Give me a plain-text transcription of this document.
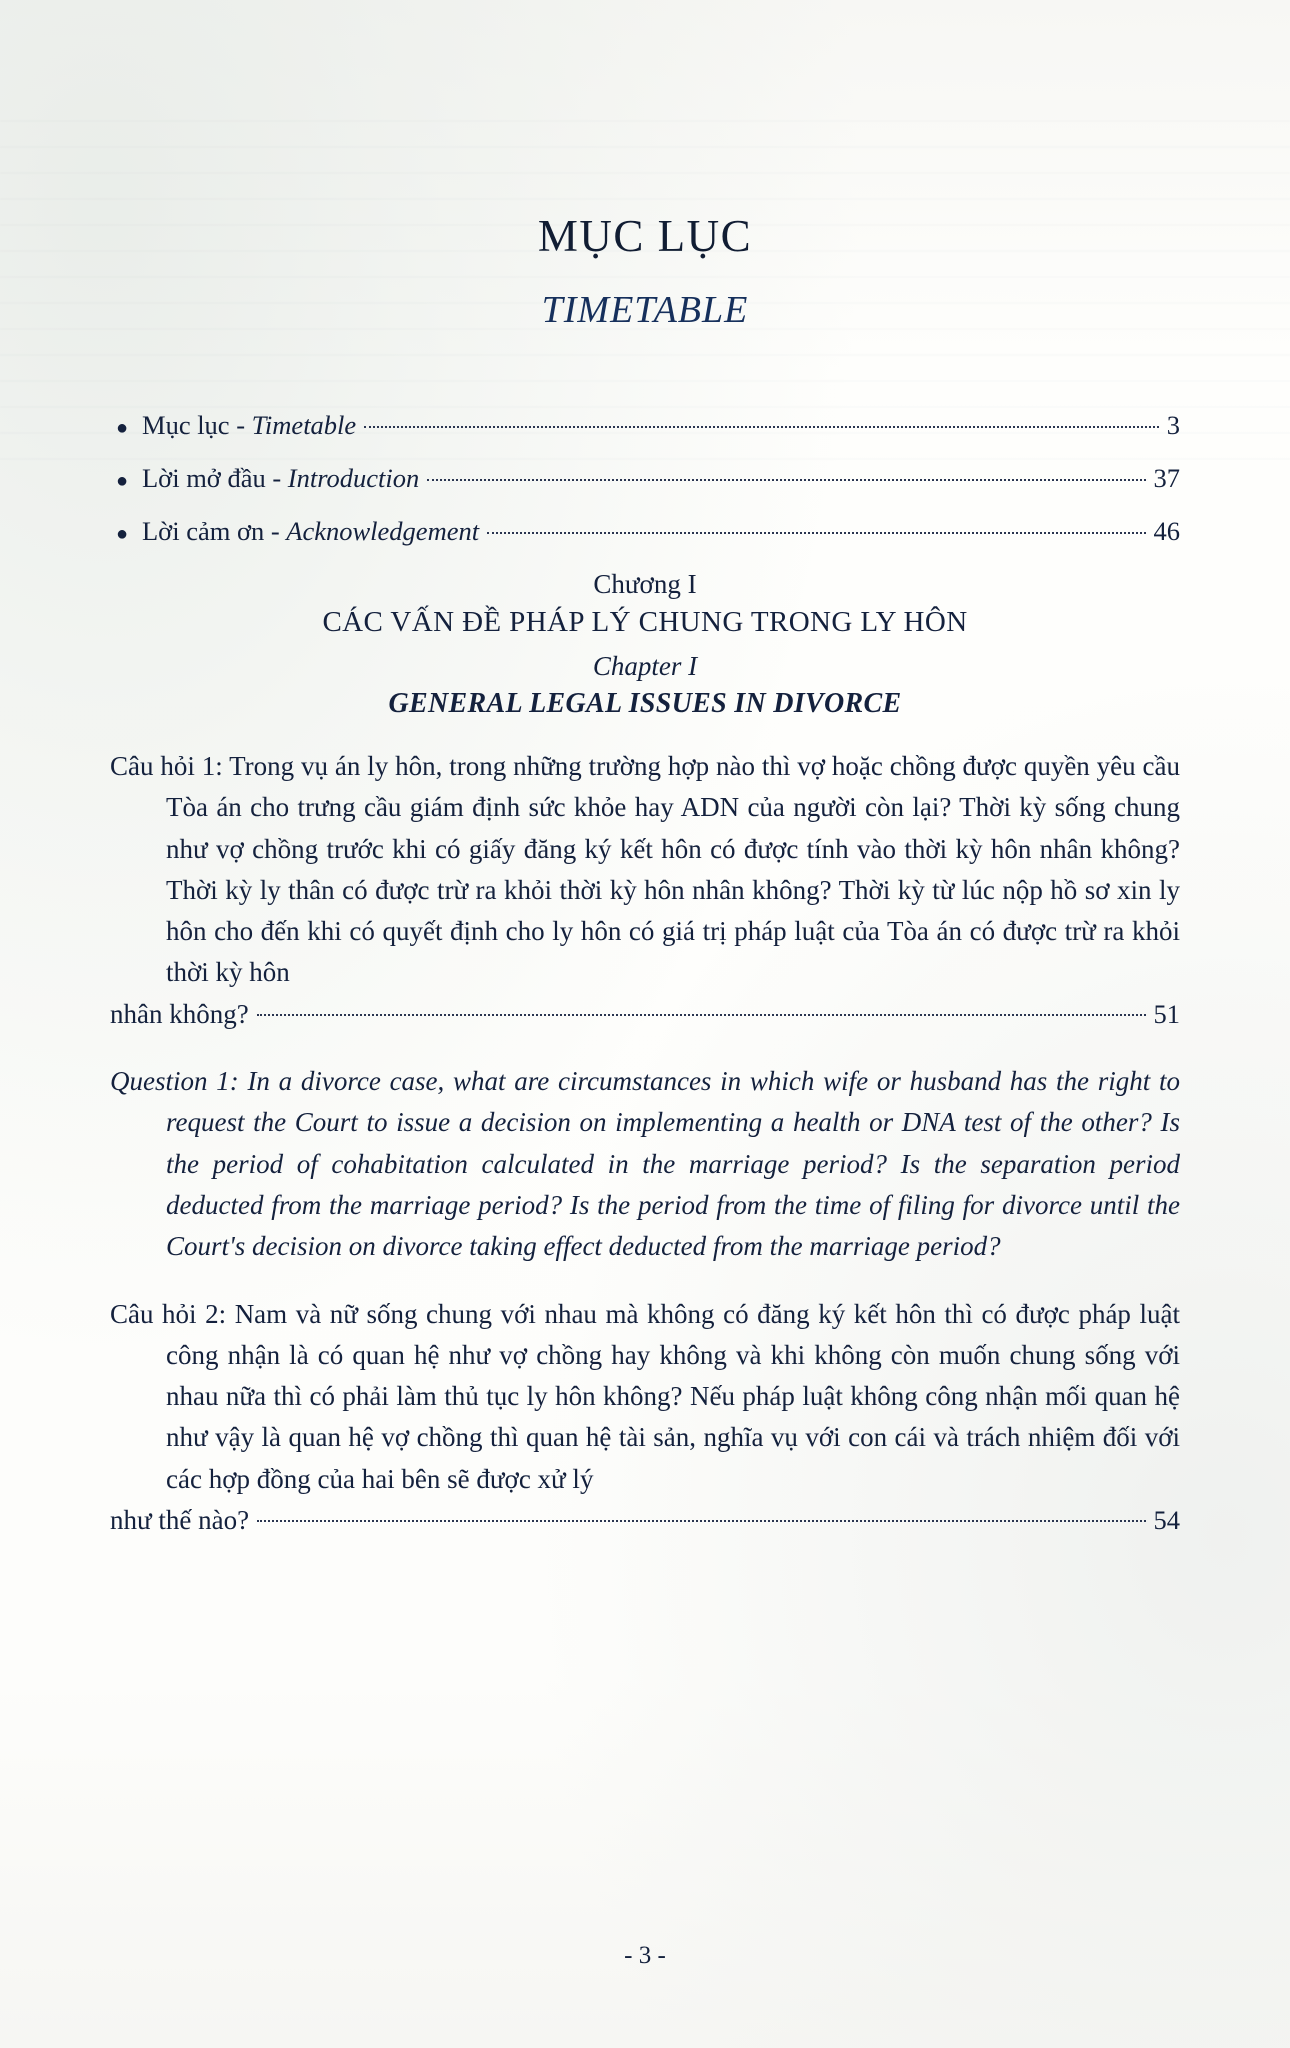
MỤC LỤC
TIMETABLE
● Mục lục - Timetable	3
● Lời mở đầu - Introduction	37
● Lời cảm ơn - Acknowledgement	46
Chương I
CÁC VẤN ĐỀ PHÁP LÝ CHUNG TRONG LY HÔN
Chapter I
GENERAL LEGAL ISSUES IN DIVORCE
Câu hỏi 1: Trong vụ án ly hôn, trong những trường hợp nào thì vợ hoặc chồng được quyền yêu cầu Tòa án cho trưng cầu giám định sức khỏe hay ADN của người còn lại? Thời kỳ sống chung như vợ chồng trước khi có giấy đăng ký kết hôn có được tính vào thời kỳ hôn nhân không? Thời kỳ ly thân có được trừ ra khỏi thời kỳ hôn nhân không? Thời kỳ từ lúc nộp hồ sơ xin ly hôn cho đến khi có quyết định cho ly hôn có giá trị pháp luật của Tòa án có được trừ ra khỏi thời kỳ hôn
nhân không?	51
Question 1: In a divorce case, what are circumstances in which wife or husband has the right to request the Court to issue a decision on implementing a health or DNA test of the other? Is the period of cohabitation calculated in the marriage period? Is the separation period deducted from the marriage period? Is the period from the time of filing for divorce until the Court's decision on divorce taking effect deducted from the marriage period?
Câu hỏi 2: Nam và nữ sống chung với nhau mà không có đăng ký kết hôn thì có được pháp luật công nhận là có quan hệ như vợ chồng hay không và khi không còn muốn chung sống với nhau nữa thì có phải làm thủ tục ly hôn không? Nếu pháp luật không công nhận mối quan hệ như vậy là quan hệ vợ chồng thì quan hệ tài sản, nghĩa vụ với con cái và trách nhiệm đối với các hợp đồng của hai bên sẽ được xử lý
như thế nào?	54
- 3 -
